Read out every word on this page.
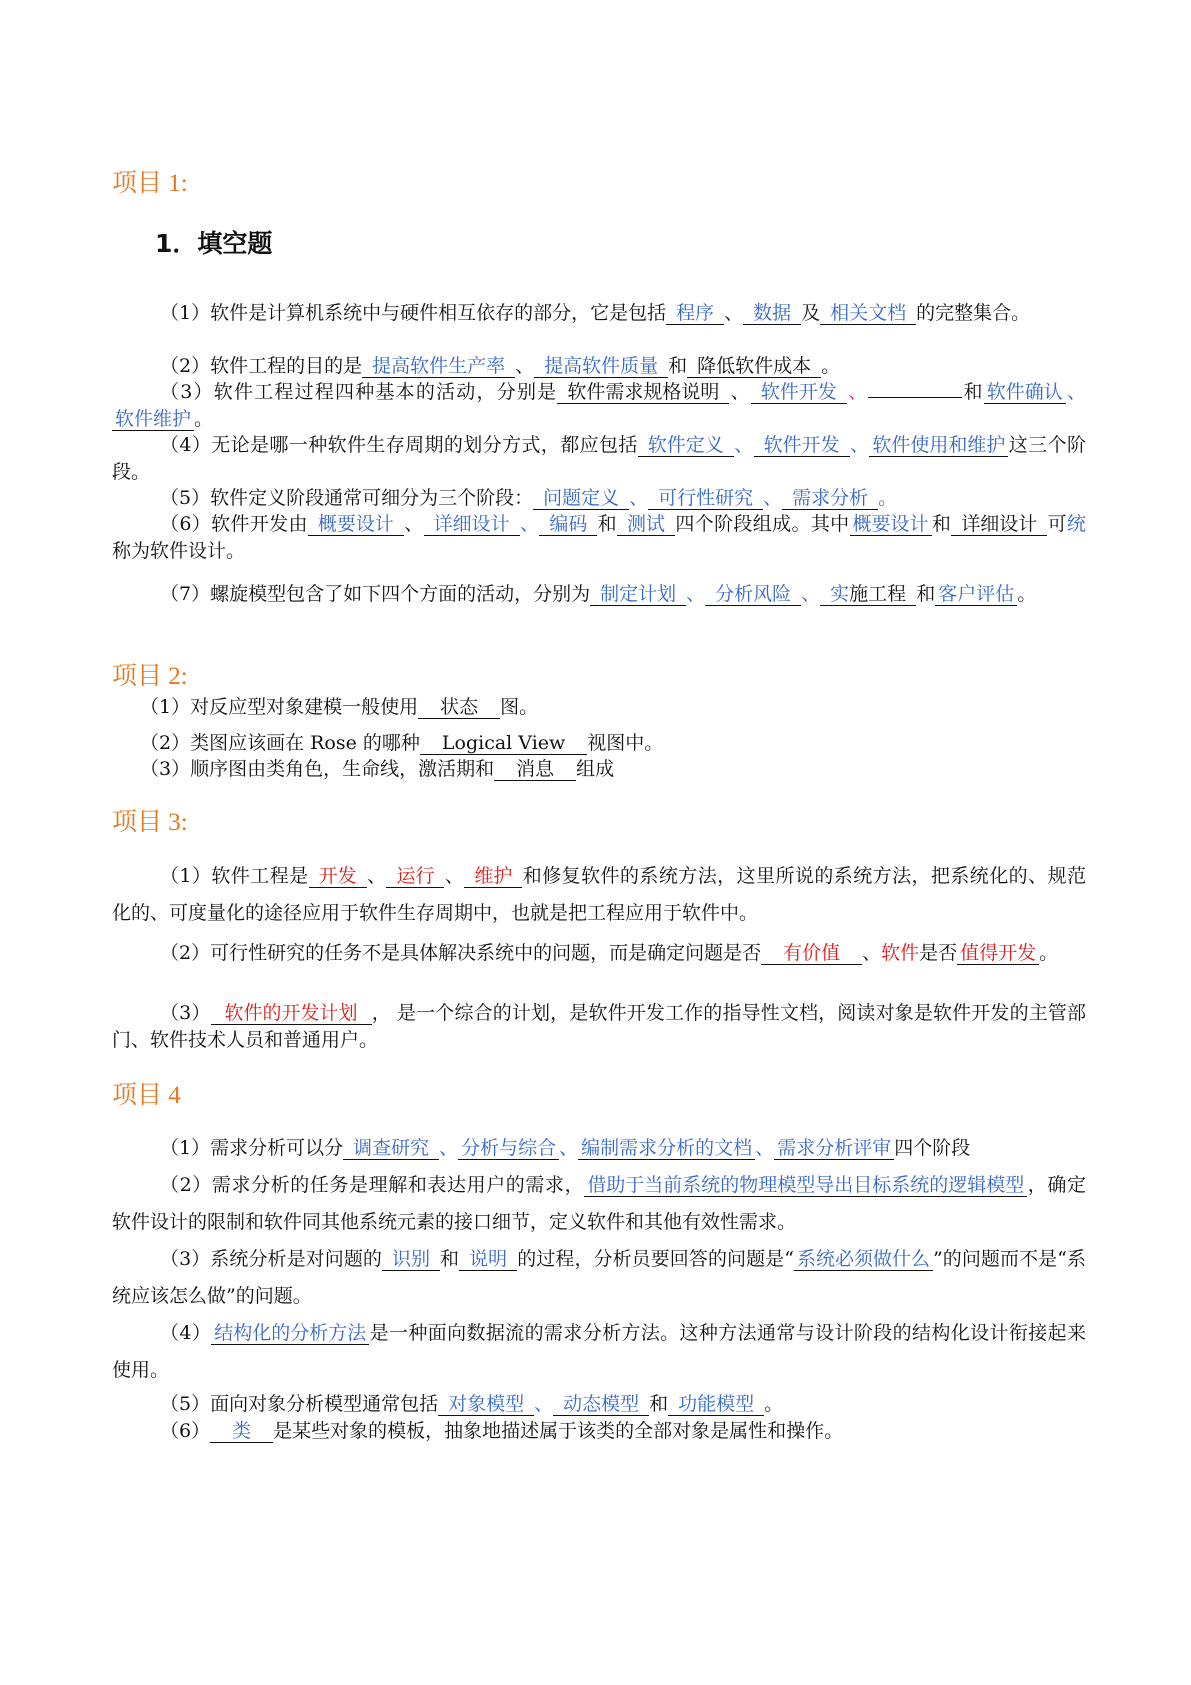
项目 1:
1．填空题

（1）软件是计算机系统中与硬件相互依存的部分，它是包括 程序 、 数据 及 相关文档 的完整集合。

（2）软件工程的目的是 提高软件生产率 、 提高软件质量 和 降低软件成本 。

（3）软件工程过程四种基本的活动，分别是 软件需求规格说明 、 软件开发 、	和 软件确认 、软件维护 。

（4）无论是哪一种软件生存周期的划分方式，都应包括 软件定义 、 软件开发 、 软件使用和维护 这三个阶段。

（5）软件定义阶段通常可细分为三个阶段： 问题定义 、 可行性研究 、 需求分析 。

（6）软件开发由 概要设计 、 详细设计 、 编码 和 测试 四个阶段组成。其中 概要设计 和 详细设计 可统称为软件设计。

（7）螺旋模型包含了如下四个方面的活动，分别为 制定计划 、 分析风险 、 实施工程 和 客户评估 。

项目 2:

（1）对反应型对象建模一般使用 状态 图。

（2）类图应该画在 Rose 的哪种 Logical View 视图中。

（3）顺序图由类角色，生命线，激活期和 消息 组成

项目 3:

（1）软件工程是 开发 、 运行 、 维护 和修复软件的系统方法，这里所说的系统方法，把系统化的、规范化的、可度量化的途径应用于软件生存周期中，也就是把工程应用于软件中。

（2）可行性研究的任务不是具体解决系统中的问题，而是确定问题是否 有价值 、软件是否 值得开发 。

（3） 软件的开发计划 ， 是一个综合的计划，是软件开发工作的指导性文档，阅读对象是软件开发的主管部门、软件技术人员和普通用户。

项目 4

（1）需求分析可以分 调查研究 、 分析与综合 、 编制需求分析的文档 、 需求分析评审 四个阶段

（2）需求分析的任务是理解和表达用户的需求， 借助于当前系统的物理模型导出目标系统的逻辑模型 ，确定软件设计的限制和软件同其他系统元素的接口细节，定义软件和其他有效性需求。

（3）系统分析是对问题的 识别 和 说明 的过程，分析员要回答的问题是“ 系统必须做什么 ”的问题而不是“系统应该怎么做”的问题。

（4） 结构化的分析方法 是一种面向数据流的需求分析方法。这种方法通常与设计阶段的结构化设计衔接起来使用。

（5）面向对象分析模型通常包括 对象模型 、 动态模型 和 功能模型 。

（6） 类 是某些对象的模板，抽象地描述属于该类的全部对象是属性和操作。
